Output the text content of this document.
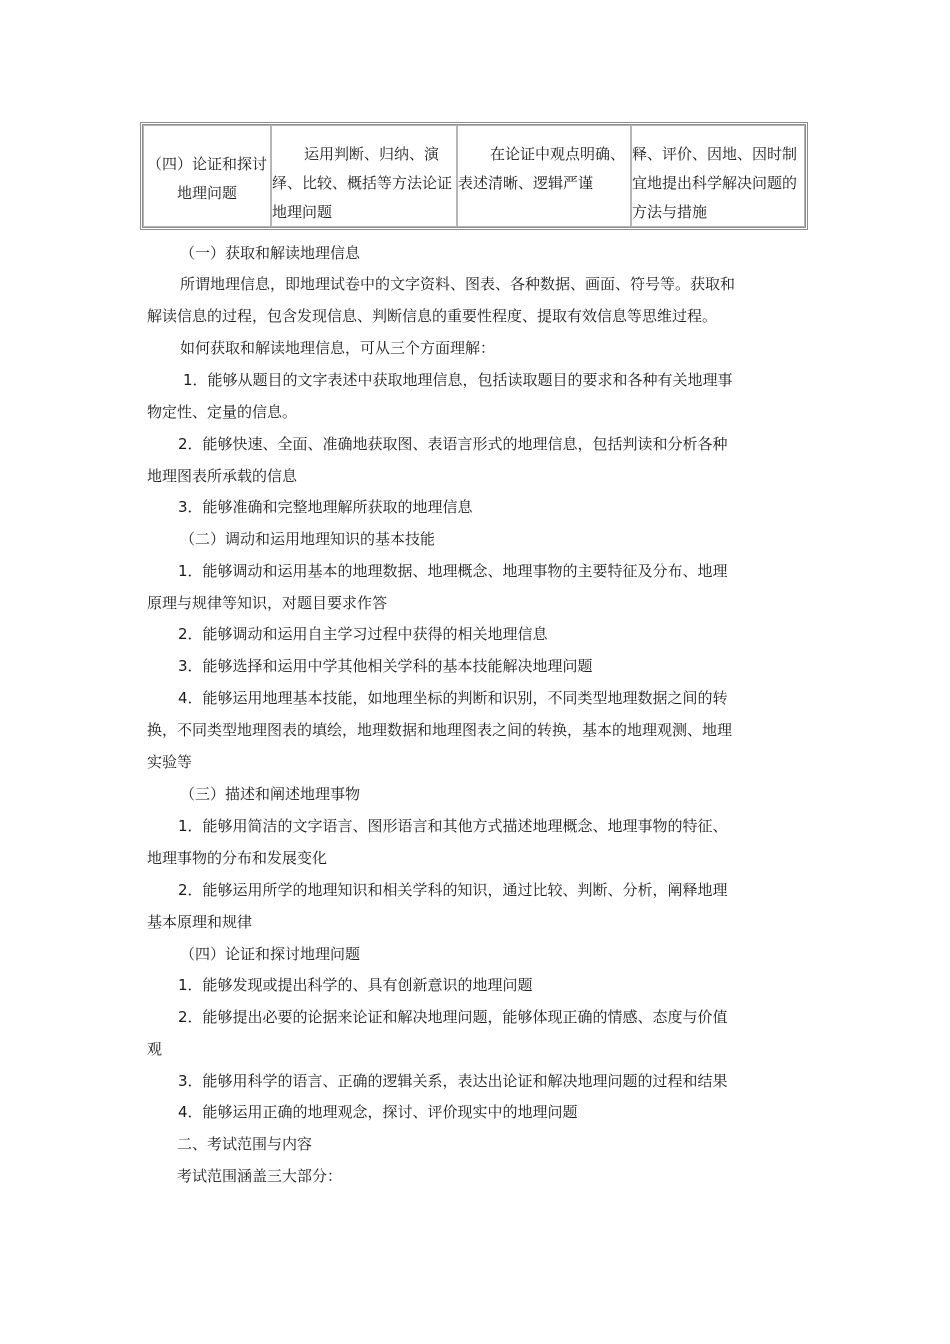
（四）论证和探讨地理问题
运用判断、归纳、演绎、比较、概括等方法论证地理问题
在论证中观点明确、表述清晰、逻辑严谨
释、评价、因地、因时制宜地提出科学解决问题的方法与措施
（一）获取和解读地理信息
所谓地理信息，即地理试卷中的文字资料、图表、各种数据、画面、符号等。获取和
解读信息的过程，包含发现信息、判断信息的重要性程度、提取有效信息等思维过程。
如何获取和解读地理信息，可从三个方面理解：
1．能够从题目的文字表述中获取地理信息，包括读取题目的要求和各种有关地理事
物定性、定量的信息。
2．能够快速、全面、准确地获取图、表语言形式的地理信息，包括判读和分析各种
地理图表所承载的信息
3．能够准确和完整地理解所获取的地理信息
（二）调动和运用地理知识的基本技能
1．能够调动和运用基本的地理数据、地理概念、地理事物的主要特征及分布、地理
原理与规律等知识，对题目要求作答
2．能够调动和运用自主学习过程中获得的相关地理信息
3．能够选择和运用中学其他相关学科的基本技能解决地理问题
4．能够运用地理基本技能，如地理坐标的判断和识别，不同类型地理数据之间的转
换，不同类型地理图表的填绘，地理数据和地理图表之间的转换，基本的地理观测、地理
实验等
（三）描述和阐述地理事物
1．能够用简洁的文字语言、图形语言和其他方式描述地理概念、地理事物的特征、
地理事物的分布和发展变化
2．能够运用所学的地理知识和相关学科的知识，通过比较、判断、分析，阐释地理
基本原理和规律
（四）论证和探讨地理问题
1．能够发现或提出科学的、具有创新意识的地理问题
2．能够提出必要的论据来论证和解决地理问题，能够体现正确的情感、态度与价值
观
3．能够用科学的语言、正确的逻辑关系，表达出论证和解决地理问题的过程和结果
4．能够运用正确的地理观念，探讨、评价现实中的地理问题
二、考试范围与内容
考试范围涵盖三大部分：
